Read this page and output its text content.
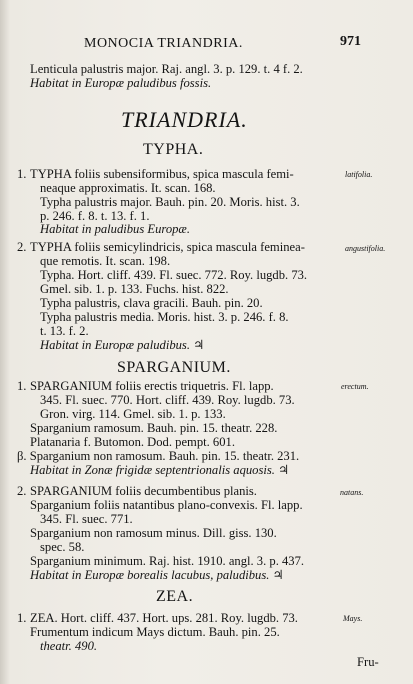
MONOCIA TRIANDRIA.	971
Lenticula palustris major. Raj. angl. 3. p. 129. t. 4 f. 2.
Habitat in Europæ paludibus fossis.
TRIANDRIA.
TYPHA.
1. TYPHA foliis subensiformibus, spica mascula femi-	latifolia.
neaque approximatis. It. scan. 168.
Typha palustris major. Bauh. pin. 20. Moris. hist. 3.
p. 246. f. 8. t. 13. f. 1.
Habitat in paludibus Europæ.
2. TYPHA foliis semicylindricis, spica mascula feminea-	angustifolia.
que remotis. It. scan. 198.
Typha. Hort. cliff. 439. Fl. suec. 772. Roy. lugdb. 73.
Gmel. sib. 1. p. 133. Fuchs. hist. 822.
Typha palustris, clava gracili. Bauh. pin. 20.
Typha palustris media. Moris. hist. 3. p. 246. f. 8.
t. 13. f. 2.
Habitat in Europæ paludibus. ♃
SPARGANIUM.
1. SPARGANIUM foliis erectis triquetris. Fl. lapp.	erectum.
345. Fl. suec. 770. Hort. cliff. 439. Roy. lugdb. 73.
Gron. virg. 114. Gmel. sib. 1. p. 133.
Sparganium ramosum. Bauh. pin. 15. theatr. 228.
Platanaria f. Butomon. Dod. pempt. 601.
β. Sparganium non ramosum. Bauh. pin. 15. theatr. 231.
Habitat in Zonæ frigidæ septentrionalis aquosis. ♃
2. SPARGANIUM foliis decumbentibus planis.	natans.
Sparganium foliis natantibus plano-convexis. Fl. lapp.
345. Fl. suec. 771.
Sparganium non ramosum minus. Dill. giss. 130.
spec. 58.
Sparganium minimum. Raj. hist. 1910. angl. 3. p. 437.
Habitat in Europæ borealis lacubus, paludibus. ♃
ZEA.
1. ZEA. Hort. cliff. 437. Hort. ups. 281. Roy. lugdb. 73.	Mays.
Frumentum indicum Mays dictum. Bauh. pin. 25.
theatr. 490.
Fru-
